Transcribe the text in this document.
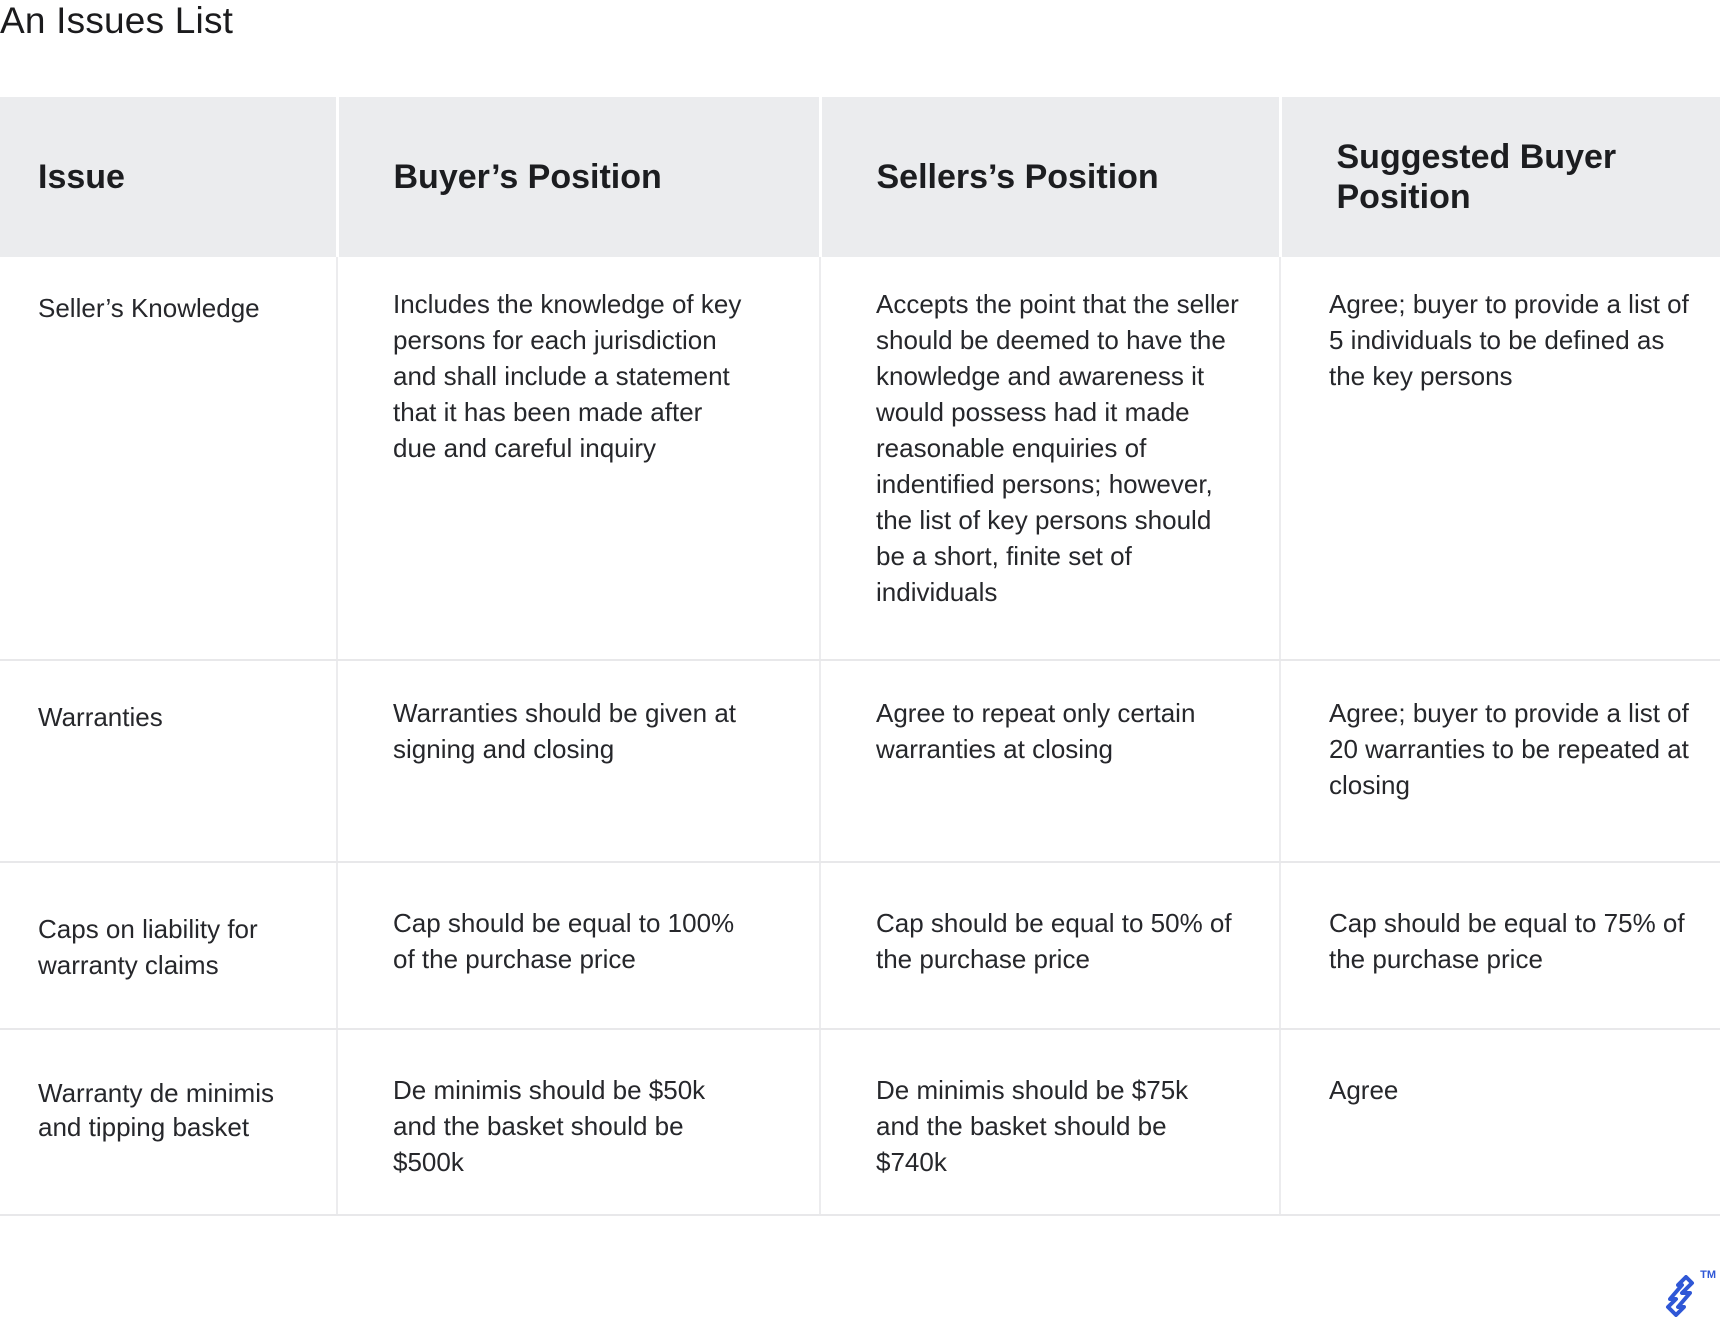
An Issues List
Issue	Buyer’s Position	Sellers’s Position	Suggested Buyer Position

Seller’s Knowledge	Includes the knowledge of key persons for each jurisdiction and shall include a statement that it has been made after due and careful inquiry	Accepts the point that the seller should be deemed to have the knowledge and awareness it would possess had it made reasonable enquiries of indentified persons; however, the list of key persons should be a short, finite set of individuals	Agree; buyer to provide a list of 5 individuals to be defined as the key persons

Warranties	Warranties should be given at signing and closing	Agree to repeat only certain warranties at closing	Agree; buyer to provide a list of 20 warranties to be repeated at closing

Caps on liability for warranty claims	Cap should be equal to 100% of the purchase price	Cap should be equal to 50% of the purchase price	Cap should be equal to 75% of the purchase price

Warranty de minimis and tipping basket	De minimis should be $50k and the basket should be $500k	De minimis should be $75k and the basket should be $740k	Agree
TM
